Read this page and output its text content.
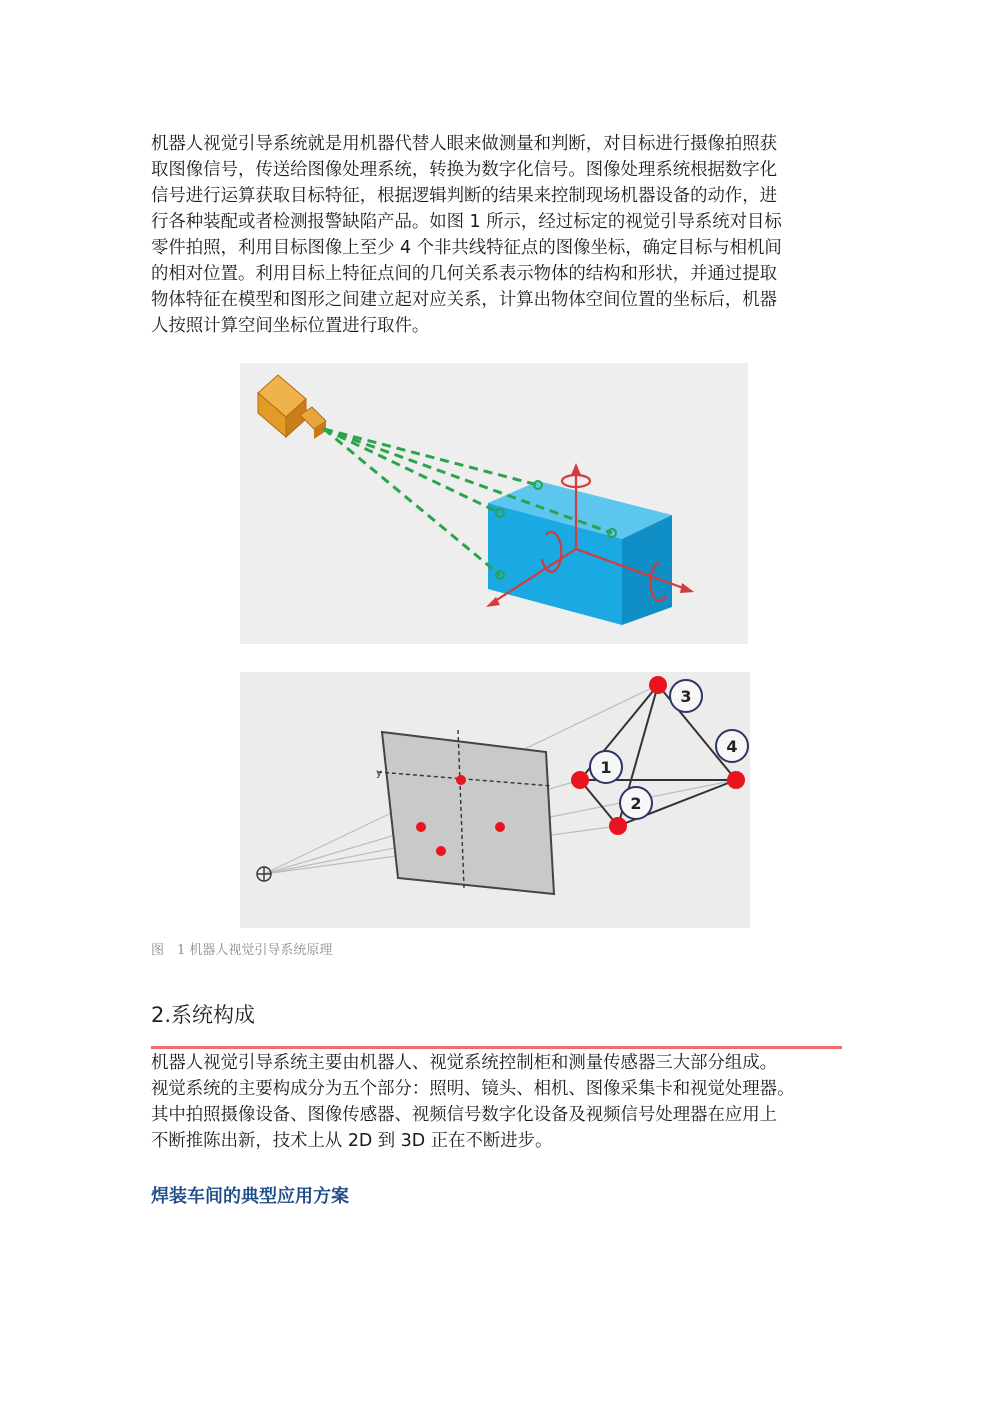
机器人视觉引导系统就是用机器代替人眼来做测量和判断，对目标进行摄像拍照获
取图像信号，传送给图像处理系统，转换为数字化信号。图像处理系统根据数字化
信号进行运算获取目标特征，根据逻辑判断的结果来控制现场机器设备的动作，进
行各种装配或者检测报警缺陷产品。如图 1 所示，经过标定的视觉引导系统对目标
零件拍照，利用目标图像上至少 4 个非共线特征点的图像坐标，确定目标与相机间
的相对位置。利用目标上特征点间的几何关系表示物体的结构和形状，并通过提取
物体特征在模型和图形之间建立起对应关系，计算出物体空间位置的坐标后，机器
人按照计算空间坐标位置进行取件。
y	1
2
3
4
图　1 机器人视觉引导系统原理
2.系统构成
机器人视觉引导系统主要由机器人、视觉系统控制柜和测量传感器三大部分组成。
视觉系统的主要构成分为五个部分：照明、镜头、相机、图像采集卡和视觉处理器。
其中拍照摄像设备、图像传感器、视频信号数字化设备及视频信号处理器在应用上
不断推陈出新，技术上从 2D 到 3D 正在不断进步。
焊装车间的典型应用方案
